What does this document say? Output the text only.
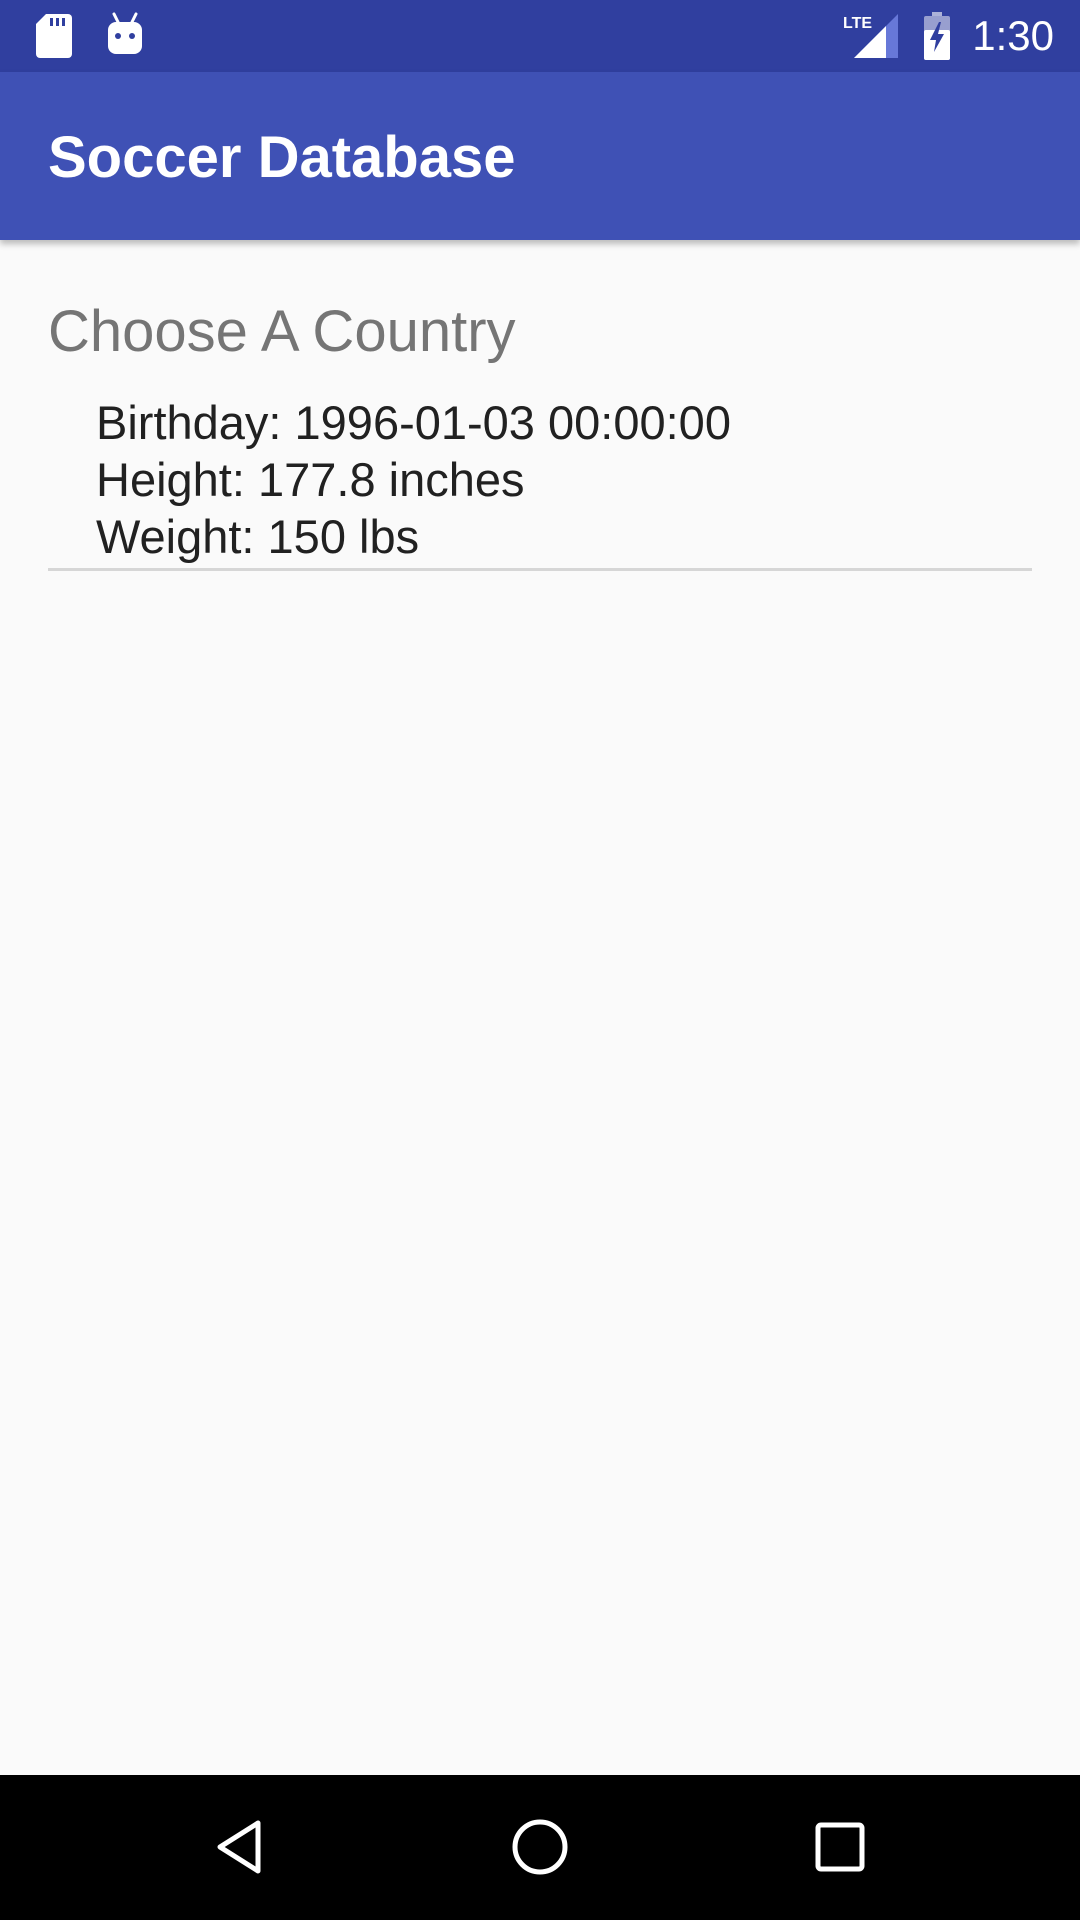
LTE 1:30
Soccer Database
Choose A Country
Birthday: 1996-01-03 00:00:00
Height: 177.8 inches
Weight: 150 lbs
